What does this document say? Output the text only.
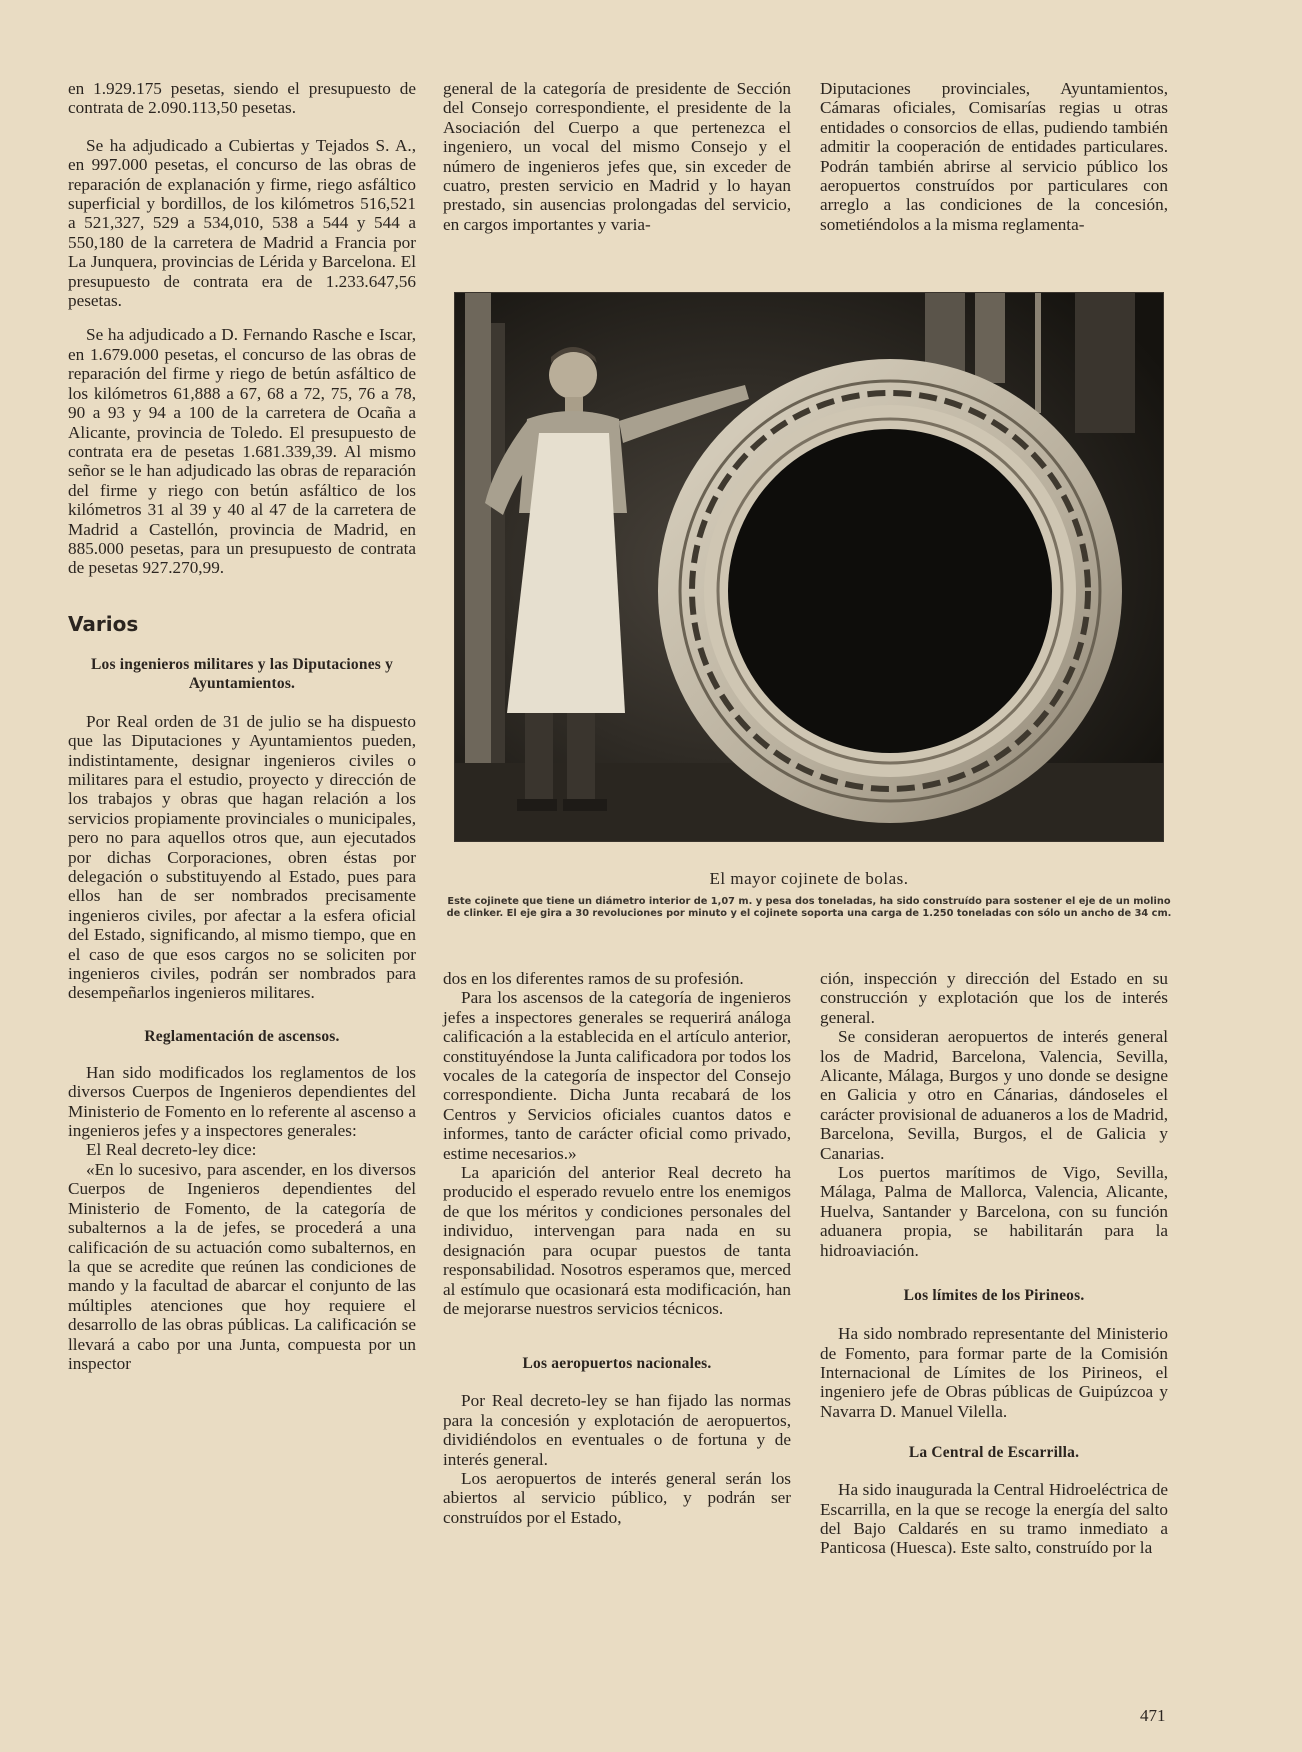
en 1.929.175 pesetas, siendo el presupuesto de contrata de 2.090.113,50 pesetas.

Se ha adjudicado a Cubiertas y Tejados S. A., en 997.000 pesetas, el concurso de las obras de reparación de explanación y firme, riego asfáltico superficial y bordillos, de los kilómetros 516,521 a 521,327, 529 a 534,010, 538 a 544 y 544 a 550,180 de la carretera de Madrid a Francia por La Junquera, provincias de Lérida y Barcelona. El presupuesto de contrata era de 1.233.647,56 pesetas.

Se ha adjudicado a D. Fernando Rasche e Iscar, en 1.679.000 pesetas, el concurso de las obras de reparación del firme y riego de betún asfáltico de los kilómetros 61,888 a 67, 68 a 72, 75, 76 a 78, 90 a 93 y 94 a 100 de la carretera de Ocaña a Alicante, provincia de Toledo. El presupuesto de contrata era de pesetas 1.681.339,39. Al mismo señor se le han adjudicado las obras de reparación del firme y riego con betún asfáltico de los kilómetros 31 al 39 y 40 al 47 de la carretera de Madrid a Castellón, provincia de Madrid, en 885.000 pesetas, para un presupuesto de contrata de pesetas 927.270,99.

Varios
Los ingenieros militares y las Diputaciones y Ayuntamientos.

Por Real orden de 31 de julio se ha dispuesto que las Diputaciones y Ayuntamientos pueden, indistintamente, designar ingenieros civiles o militares para el estudio, proyecto y dirección de los trabajos y obras que hagan relación a los servicios propiamente provinciales o municipales, pero no para aquellos otros que, aun ejecutados por dichas Corporaciones, obren éstas por delegación o substituyendo al Estado, pues para ellos han de ser nombrados precisamente ingenieros civiles, por afectar a la esfera oficial del Estado, significando, al mismo tiempo, que en el caso de que esos cargos no se soliciten por ingenieros civiles, podrán ser nombrados para desempeñarlos ingenieros militares.

Reglamentación de ascensos.

Han sido modificados los reglamentos de los diversos Cuerpos de Ingenieros dependientes del Ministerio de Fomento en lo referente al ascenso a ingenieros jefes y a inspectores generales:

El Real decreto-ley dice:

«En lo sucesivo, para ascender, en los diversos Cuerpos de Ingenieros dependientes del Ministerio de Fomento, de la categoría de subalternos a la de jefes, se procederá a una calificación de su actuación como subalternos, en la que se acredite que reúnen las condiciones de mando y la facultad de abarcar el conjunto de las múltiples atenciones que hoy requiere el desarrollo de las obras públicas. La calificación se llevará a cabo por una Junta, compuesta por un inspector

general de la categoría de presidente de Sección del Consejo correspondiente, el presidente de la Asociación del Cuerpo a que pertenezca el ingeniero, un vocal del mismo Consejo y el número de ingenieros jefes que, sin exceder de cuatro, presten servicio en Madrid y lo hayan prestado, sin ausencias prolongadas del servicio, en cargos importantes y varia-

Diputaciones provinciales, Ayuntamientos, Cámaras oficiales, Comisarías regias u otras entidades o consorcios de ellas, pudiendo también admitir la cooperación de entidades particulares. Podrán también abrirse al servicio público los aeropuertos construídos por particulares con arreglo a las condiciones de la concesión, sometiéndolos a la misma reglamenta-

El mayor cojinete de bolas.
Este cojinete que tiene un diámetro interior de 1,07 m. y pesa dos toneladas, ha sido construído para sostener el eje de un molino de clinker. El eje gira a 30 revoluciones por minuto y el cojinete soporta una carga de 1.250 toneladas con sólo un ancho de 34 cm.

dos en los diferentes ramos de su profesión.

Para los ascensos de la categoría de ingenieros jefes a inspectores generales se requerirá análoga calificación a la establecida en el artículo anterior, constituyéndose la Junta calificadora por todos los vocales de la categoría de inspector del Consejo correspondiente. Dicha Junta recabará de los Centros y Servicios oficiales cuantos datos e informes, tanto de carácter oficial como privado, estime necesarios.»

La aparición del anterior Real decreto ha producido el esperado revuelo entre los enemigos de que los méritos y condiciones personales del individuo, intervengan para nada en su designación para ocupar puestos de tanta responsabilidad. Nosotros esperamos que, merced al estímulo que ocasionará esta modificación, han de mejorarse nuestros servicios técnicos.

Los aeropuertos nacionales.

Por Real decreto-ley se han fijado las normas para la concesión y explotación de aeropuertos, dividiéndolos en eventuales o de fortuna y de interés general.

Los aeropuertos de interés general serán los abiertos al servicio público, y podrán ser construídos por el Estado,

ción, inspección y dirección del Estado en su construcción y explotación que los de interés general.

Se consideran aeropuertos de interés general los de Madrid, Barcelona, Valencia, Sevilla, Alicante, Málaga, Burgos y uno donde se designe en Galicia y otro en Cánarias, dándoseles el carácter provisional de aduaneros a los de Madrid, Barcelona, Sevilla, Burgos, el de Galicia y Canarias.

Los puertos marítimos de Vigo, Sevilla, Málaga, Palma de Mallorca, Valencia, Alicante, Huelva, Santander y Barcelona, con su función aduanera propia, se habilitarán para la hidroaviación.

Los límites de los Pirineos.

Ha sido nombrado representante del Ministerio de Fomento, para formar parte de la Comisión Internacional de Límites de los Pirineos, el ingeniero jefe de Obras públicas de Guipúzcoa y Navarra D. Manuel Vilella.

La Central de Escarrilla.

Ha sido inaugurada la Central Hidroeléctrica de Escarrilla, en la que se recoge la energía del salto del Bajo Caldarés en su tramo inmediato a Panticosa (Huesca). Este salto, construído por la

471
